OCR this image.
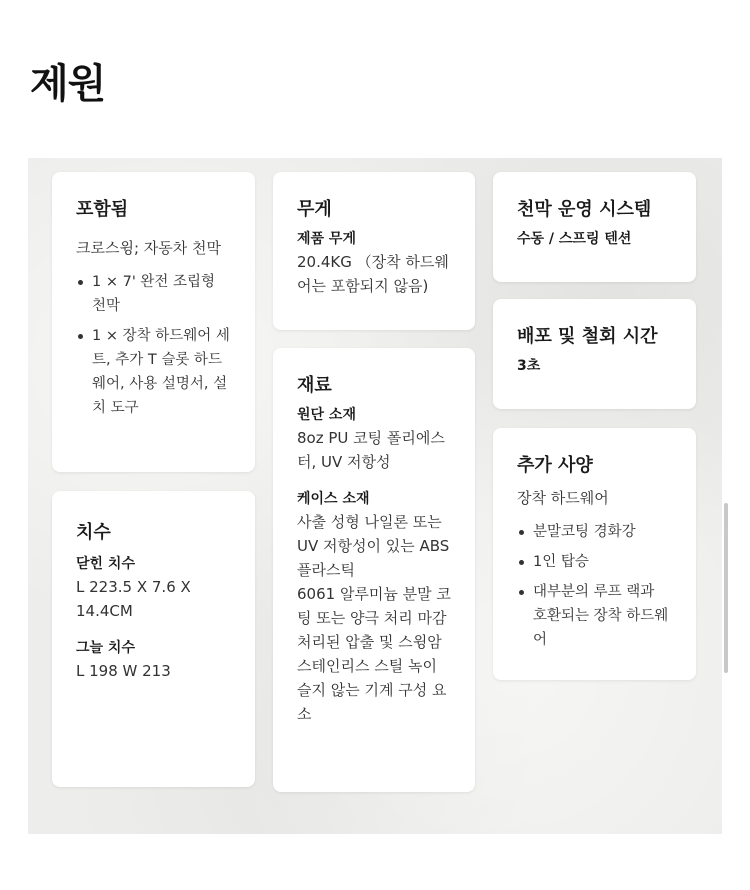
제원
포함됨
크로스윙; 자동차 천막
1 × 7' 완전 조립형 천막
1 × 장착 하드웨어 세트, 추가 T 슬롯 하드웨어, 사용 설명서, 설치 도구
치수
닫힌 치수
L 223.5 X 7.6 X 14.4CM
그늘 치수
L 198 W 213
무게
제품 무게
20.4KG （장착 하드웨어는 포함되지 않음)
재료
원단 소재
8oz PU 코팅 폴리에스터, UV 저항성
케이스 소재
사출 성형 나일론 또는 UV 저항성이 있는 ABS 플라스틱
6061 알루미늄 분말 코팅 또는 양극 처리 마감 처리된 압출 및 스윙암
스테인리스 스틸 녹이 슬지 않는 기계 구성 요소
천막 운영 시스템
수동 / 스프링 텐션
배포 및 철회 시간
3초
추가 사양
장착 하드웨어
분말코팅 경화강
1인 탑승
대부분의 루프 랙과 호환되는 장착 하드웨어
